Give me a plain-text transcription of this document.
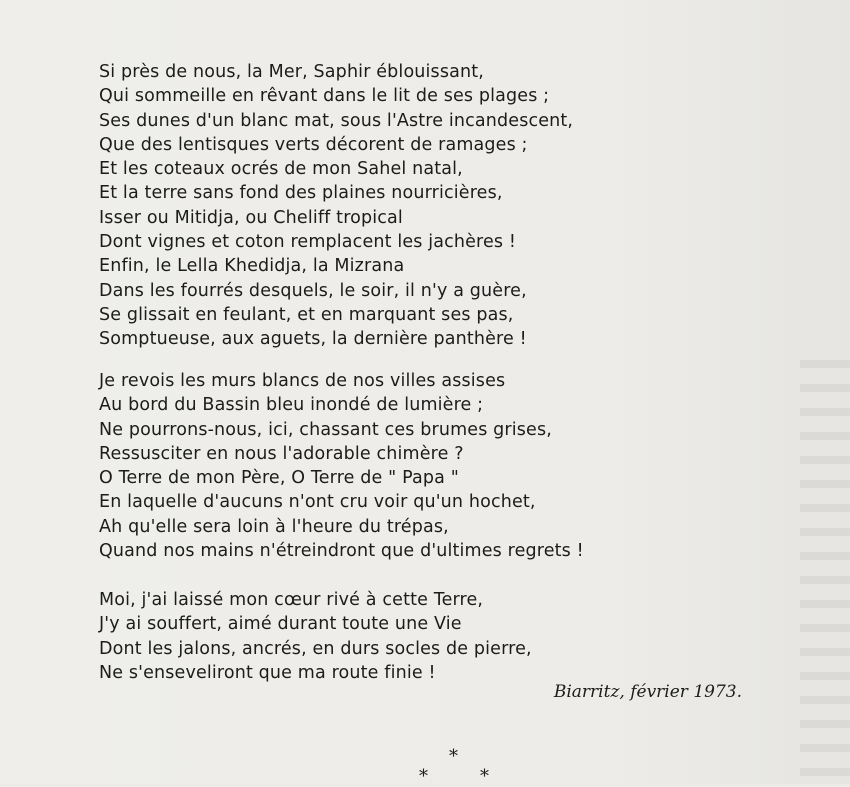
Si près de nous, la Mer, Saphir éblouissant,
Qui sommeille en rêvant dans le lit de ses plages ;
Ses dunes d'un blanc mat, sous l'Astre incandescent,
Que des lentisques verts décorent de ramages ;
Et les coteaux ocrés de mon Sahel natal,
Et la terre sans fond des plaines nourricières,
Isser ou Mitidja, ou Cheliff tropical
Dont vignes et coton remplacent les jachères !
Enfin, le Lella Khedidja, la Mizrana
Dans les fourrés desquels, le soir, il n'y a guère,
Se glissait en feulant, et en marquant ses pas,
Somptueuse, aux aguets, la dernière panthère !
Je revois les murs blancs de nos villes assises
Au bord du Bassin bleu inondé de lumière ;
Ne pourrons-nous, ici, chassant ces brumes grises,
Ressusciter en nous l'adorable chimère ?
O Terre de mon Père, O Terre de " Papa "
En laquelle d'aucuns n'ont cru voir qu'un hochet,
Ah qu'elle sera loin à l'heure du trépas,
Quand nos mains n'étreindront que d'ultimes regrets !
Moi, j'ai laissé mon cœur rivé à cette Terre,
J'y ai souffert, aimé durant toute une Vie
Dont les jalons, ancrés, en durs socles de pierre,
Ne s'enseveliront que ma route finie !
Biarritz, février 1973.
*
*	*
